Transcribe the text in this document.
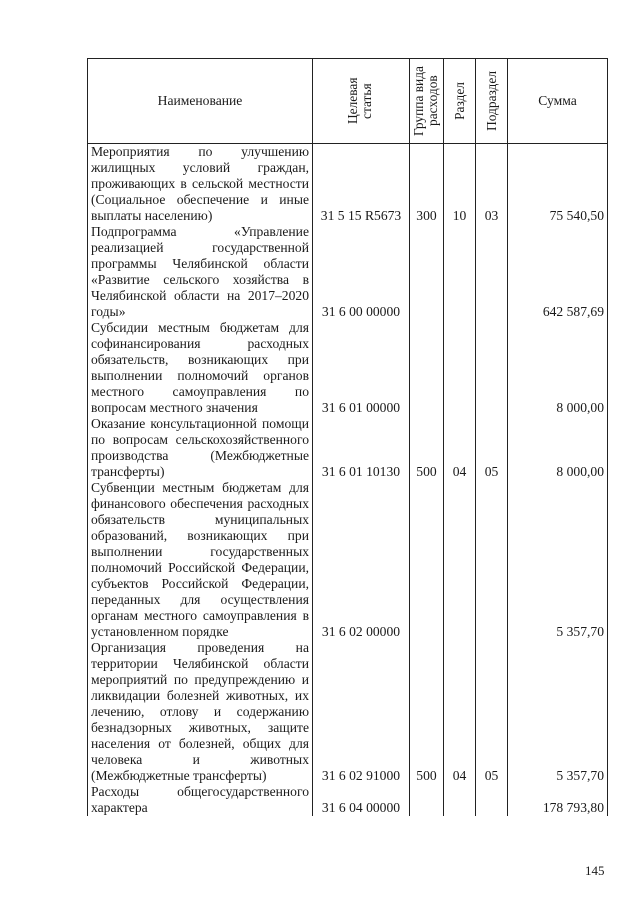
Наименование	Целевая статья	Группа вида расходов	Раздел	Подраздел	Сумма
Мероприятия по улучшению жилищных условий граждан, проживающих в сельской местности (Социальное обеспечение и иные выплаты населению)	31 5 15 R5673	300	10	03	75 540,50
Подпрограмма «Управление реализацией государственной программы Челябинской области «Развитие сельского хозяйства в Челябинской области на 2017–2020 годы»	31 6 00 00000				642 587,69
Субсидии местным бюджетам для софинансирования расходных обязательств, возникающих при выполнении полномочий органов местного самоуправления по вопросам местного значения	31 6 01 00000				8 000,00
Оказание консультационной помощи по вопросам сельскохозяйственного производства (Межбюджетные трансферты)	31 6 01 10130	500	04	05	8 000,00
Субвенции местным бюджетам для финансового обеспечения расходных обязательств муниципальных образований, возникающих при выполнении государственных полномочий Российской Федерации, субъектов Российской Федерации, переданных для осуществления органам местного самоуправления в установленном порядке	31 6 02 00000				5 357,70
Организация проведения на территории Челябинской области мероприятий по предупреждению и ликвидации болезней животных, их лечению, отлову и содержанию безнадзорных животных, защите населения от болезней, общих для человека и животных (Межбюджетные трансферты)	31 6 02 91000	500	04	05	5 357,70
Расходы общегосударственного характера	31 6 04 00000				178 793,80
145
